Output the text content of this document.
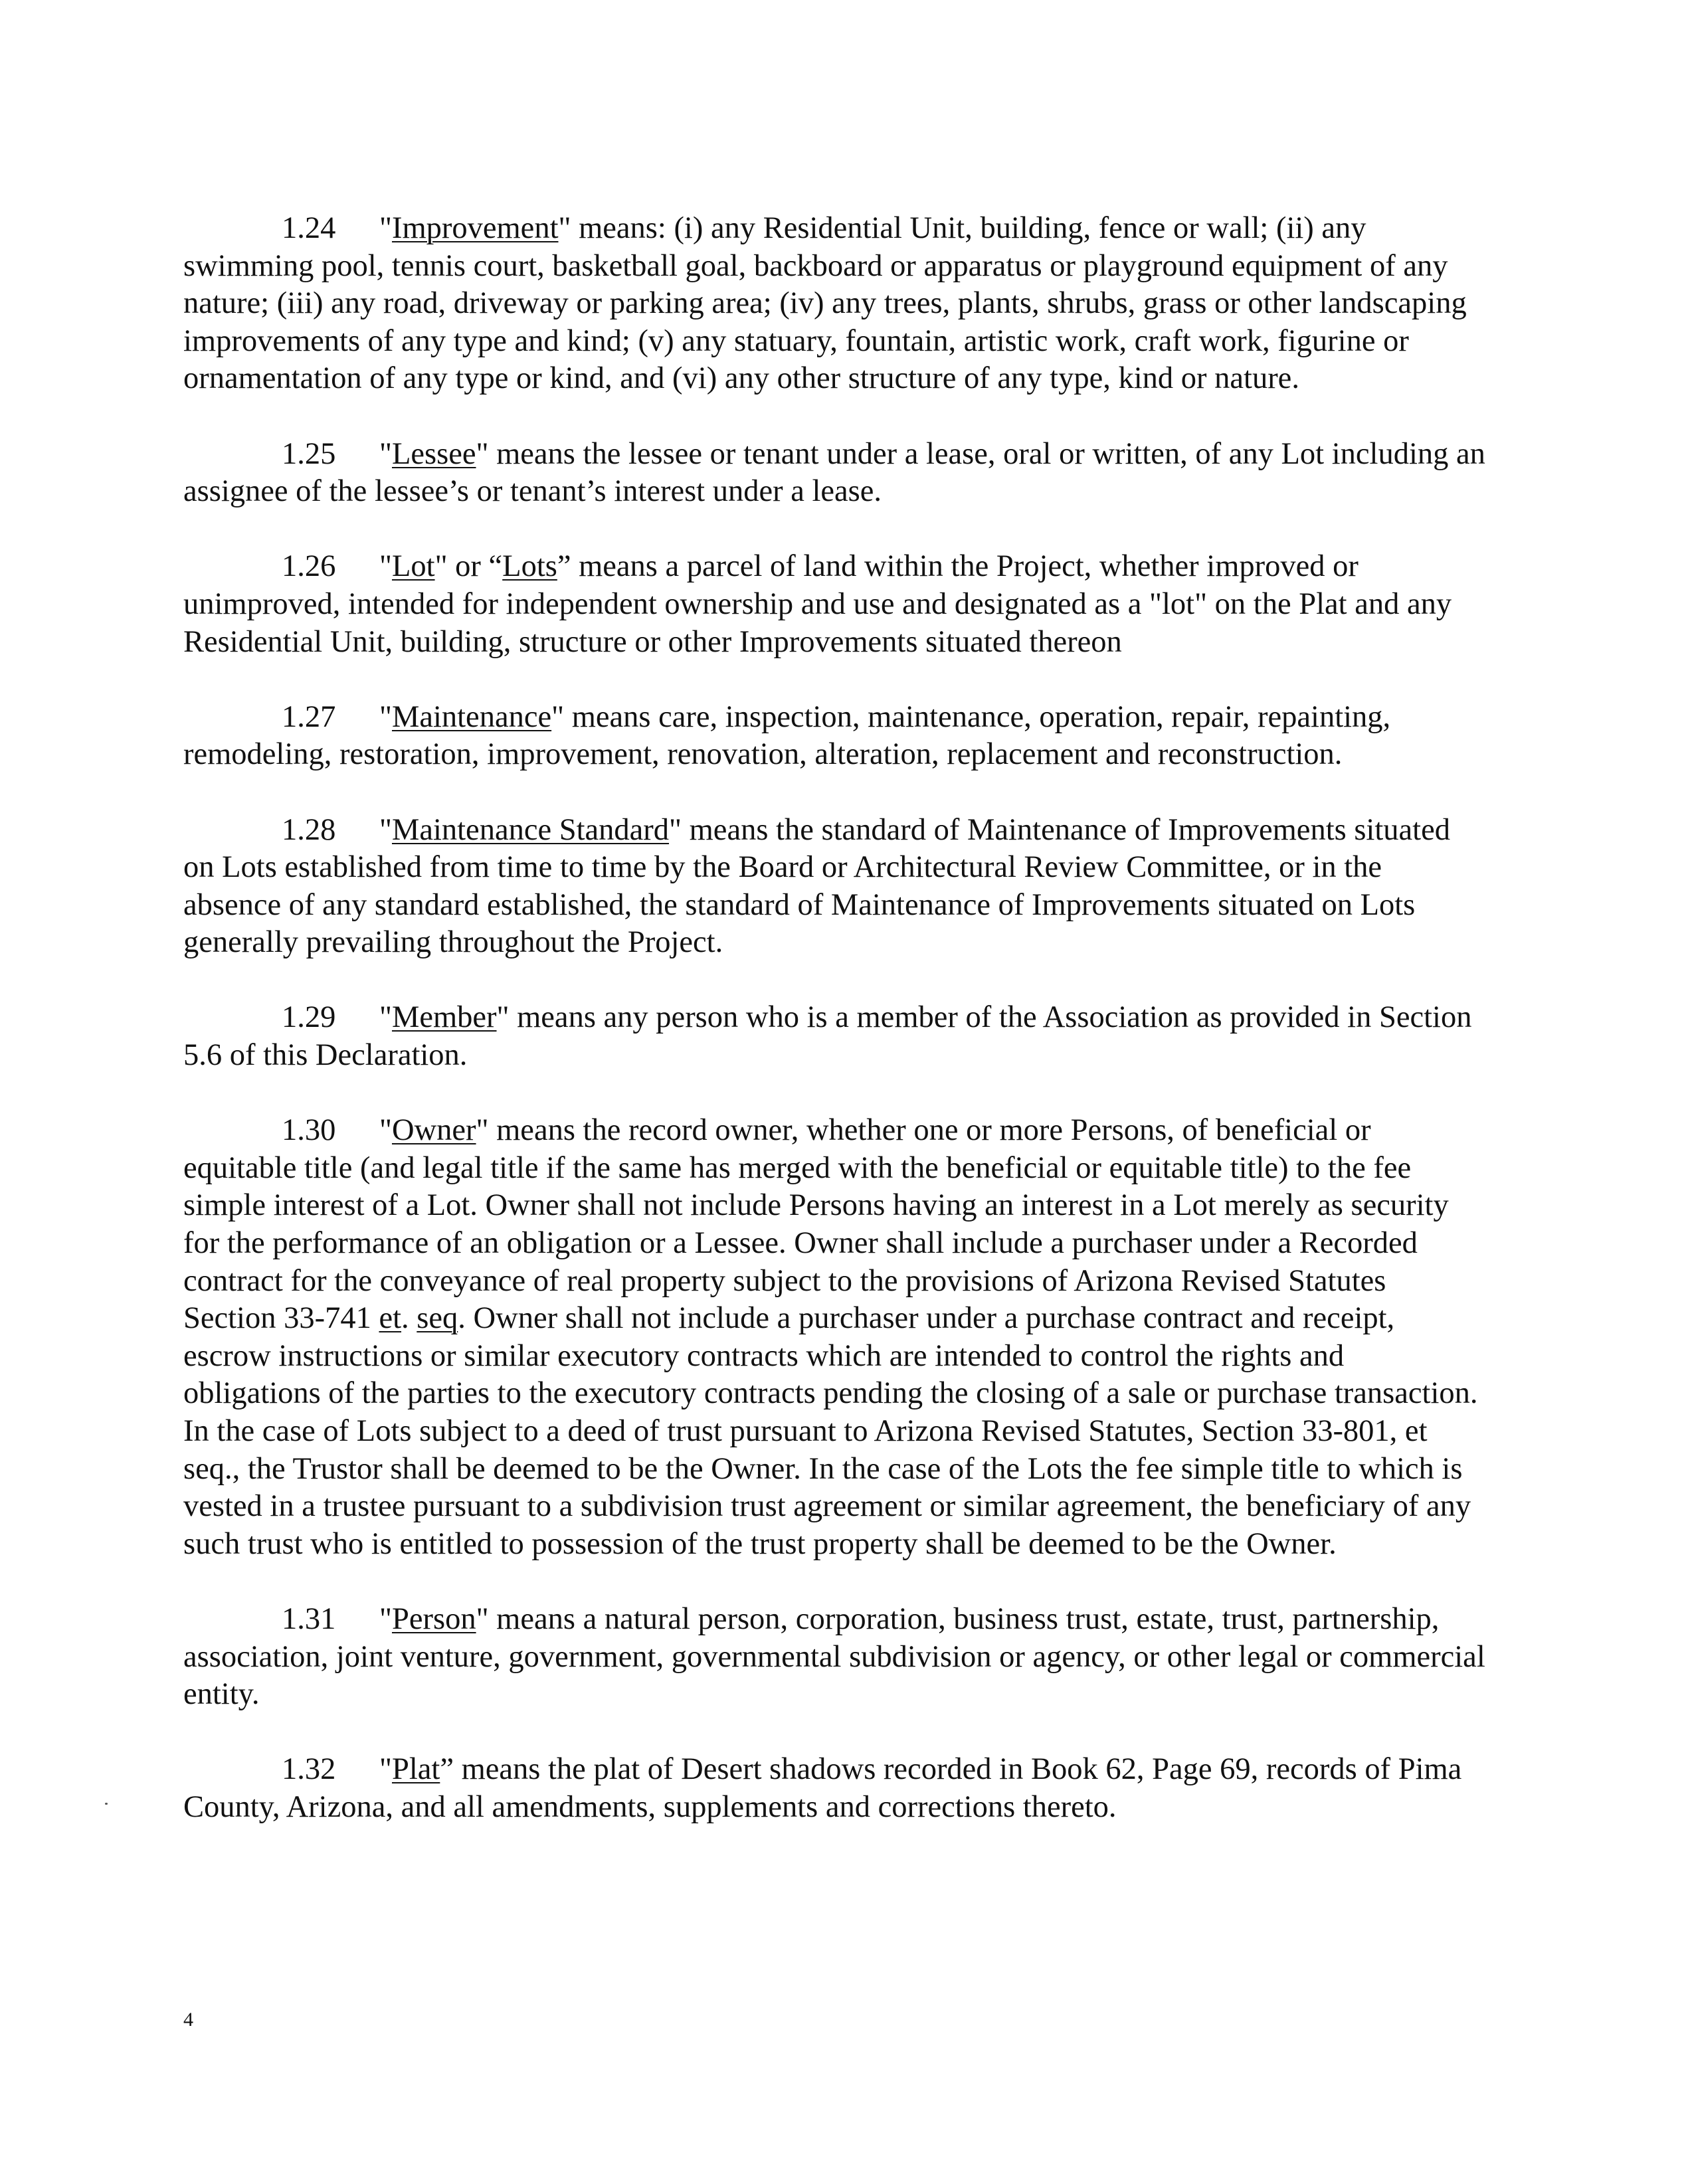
1.24 "Improvement" means: (i) any Residential Unit, building, fence or wall; (ii) any swimming pool, tennis court, basketball goal, backboard or apparatus or playground equipment of any nature; (iii) any road, driveway or parking area; (iv) any trees, plants, shrubs, grass or other landscaping improvements of any type and kind; (v) any statuary, fountain, artistic work, craft work, figurine or ornamentation of any type or kind, and (vi) any other structure of any type, kind or nature.

1.25 "Lessee" means the lessee or tenant under a lease, oral or written, of any Lot including an assignee of the lessee’s or tenant’s interest under a lease.

1.26 "Lot" or “Lots” means a parcel of land within the Project, whether improved or unimproved, intended for independent ownership and use and designated as a "lot" on the Plat and any Residential Unit, building, structure or other Improvements situated thereon

1.27 "Maintenance" means care, inspection, maintenance, operation, repair, repainting, remodeling, restoration, improvement, renovation, alteration, replacement and reconstruction.

1.28 "Maintenance Standard" means the standard of Maintenance of Improvements situated on Lots established from time to time by the Board or Architectural Review Committee, or in the absence of any standard established, the standard of Maintenance of Improvements situated on Lots generally prevailing throughout the Project.

1.29 "Member" means any person who is a member of the Association as provided in Section 5.6 of this Declaration.

1.30 "Owner" means the record owner, whether one or more Persons, of beneficial or equitable title (and legal title if the same has merged with the beneficial or equitable title) to the fee simple interest of a Lot. Owner shall not include Persons having an interest in a Lot merely as security for the performance of an obligation or a Lessee. Owner shall include a purchaser under a Recorded contract for the conveyance of real property subject to the provisions of Arizona Revised Statutes Section 33-741 et. seq. Owner shall not include a purchaser under a purchase contract and receipt, escrow instructions or similar executory contracts which are intended to control the rights and obligations of the parties to the executory contracts pending the closing of a sale or purchase transaction. In the case of Lots subject to a deed of trust pursuant to Arizona Revised Statutes, Section 33-801, et seq., the Trustor shall be deemed to be the Owner. In the case of the Lots the fee simple title to which is vested in a trustee pursuant to a subdivision trust agreement or similar agreement, the beneficiary of any such trust who is entitled to possession of the trust property shall be deemed to be the Owner.

1.31 "Person" means a natural person, corporation, business trust, estate, trust, partnership, association, joint venture, government, governmental subdivision or agency, or other legal or commercial entity.

1.32 "Plat” means the plat of Desert shadows recorded in Book 62, Page 69, records of Pima County, Arizona, and all amendments, supplements and corrections thereto.

4
